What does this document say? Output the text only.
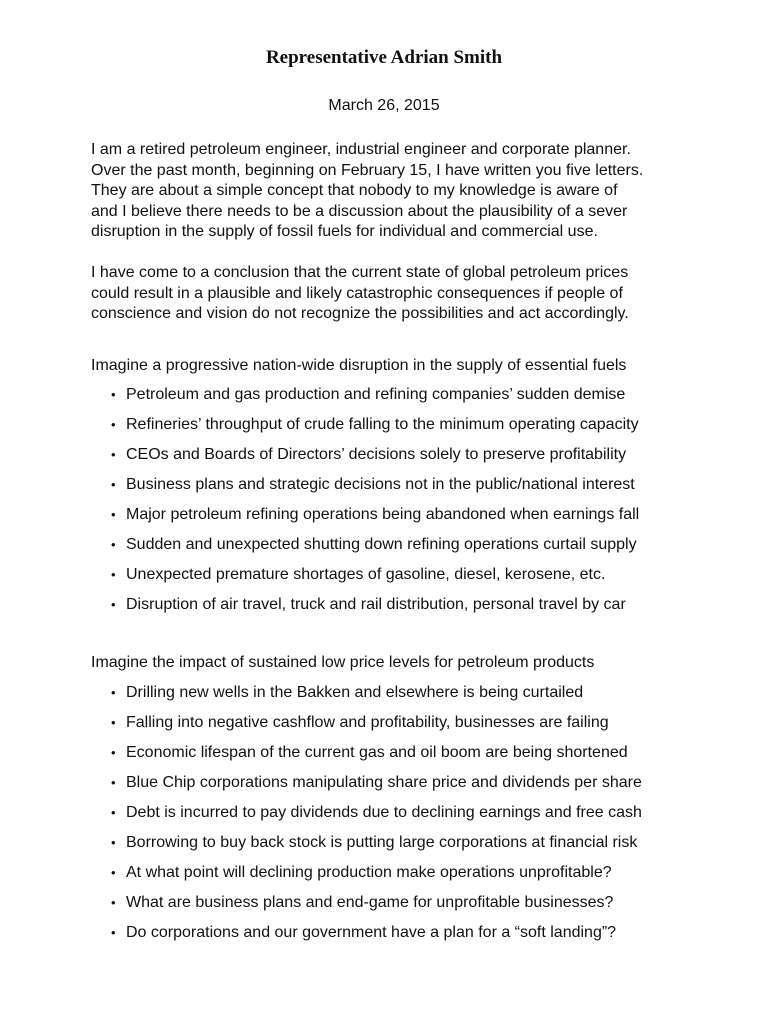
Representative Adrian Smith

March 26, 2015

I am a retired petroleum engineer, industrial engineer and corporate planner.
Over the past month, beginning on February 15, I have written you five letters.
They are about a simple concept that nobody to my knowledge is aware of
and I believe there needs to be a discussion about the plausibility of a sever
disruption in the supply of fossil fuels for individual and commercial use.

I have come to a conclusion that the current state of global petroleum prices
could result in a plausible and likely catastrophic consequences if people of
conscience and vision do not recognize the possibilities and act accordingly.

Imagine a progressive nation-wide disruption in the supply of essential fuels

• Petroleum and gas production and refining companies’ sudden demise
• Refineries’ throughput of crude falling to the minimum operating capacity
• CEOs and Boards of Directors’ decisions solely to preserve profitability
• Business plans and strategic decisions not in the public/national interest
• Major petroleum refining operations being abandoned when earnings fall
• Sudden and unexpected shutting down refining operations curtail supply
• Unexpected premature shortages of gasoline, diesel, kerosene, etc.
• Disruption of air travel, truck and rail distribution, personal travel by car

Imagine the impact of sustained low price levels for petroleum products

• Drilling new wells in the Bakken and elsewhere is being curtailed
• Falling into negative cashflow and profitability, businesses are failing
• Economic lifespan of the current gas and oil boom are being shortened
• Blue Chip corporations manipulating share price and dividends per share
• Debt is incurred to pay dividends due to declining earnings and free cash
• Borrowing to buy back stock is putting large corporations at financial risk
• At what point will declining production make operations unprofitable?
• What are business plans and end-game for unprofitable businesses?
• Do corporations and our government have a plan for a “soft landing”?
